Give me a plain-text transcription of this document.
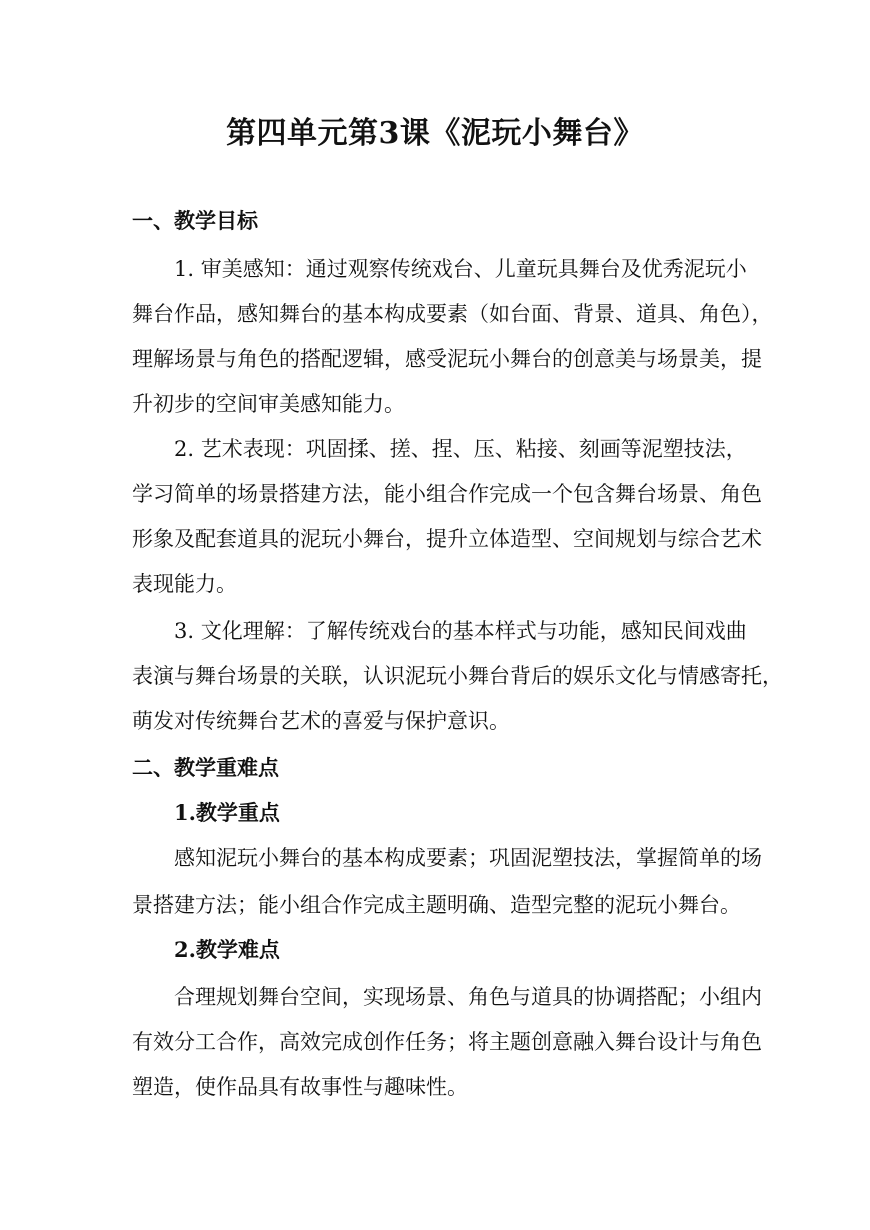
第四单元第3课《泥玩小舞台》
一、教学目标
1. 审美感知：通过观察传统戏台、儿童玩具舞台及优秀泥玩小
舞台作品，感知舞台的基本构成要素（如台面、背景、道具、角色），
理解场景与角色的搭配逻辑，感受泥玩小舞台的创意美与场景美，提
升初步的空间审美感知能力。
2. 艺术表现：巩固揉、搓、捏、压、粘接、刻画等泥塑技法，
学习简单的场景搭建方法，能小组合作完成一个包含舞台场景、角色
形象及配套道具的泥玩小舞台，提升立体造型、空间规划与综合艺术
表现能力。
3. 文化理解：了解传统戏台的基本样式与功能，感知民间戏曲
表演与舞台场景的关联，认识泥玩小舞台背后的娱乐文化与情感寄托，
萌发对传统舞台艺术的喜爱与保护意识。
二、教学重难点
1.教学重点
感知泥玩小舞台的基本构成要素；巩固泥塑技法，掌握简单的场
景搭建方法；能小组合作完成主题明确、造型完整的泥玩小舞台。
2.教学难点
合理规划舞台空间，实现场景、角色与道具的协调搭配；小组内
有效分工合作，高效完成创作任务；将主题创意融入舞台设计与角色
塑造，使作品具有故事性与趣味性。
